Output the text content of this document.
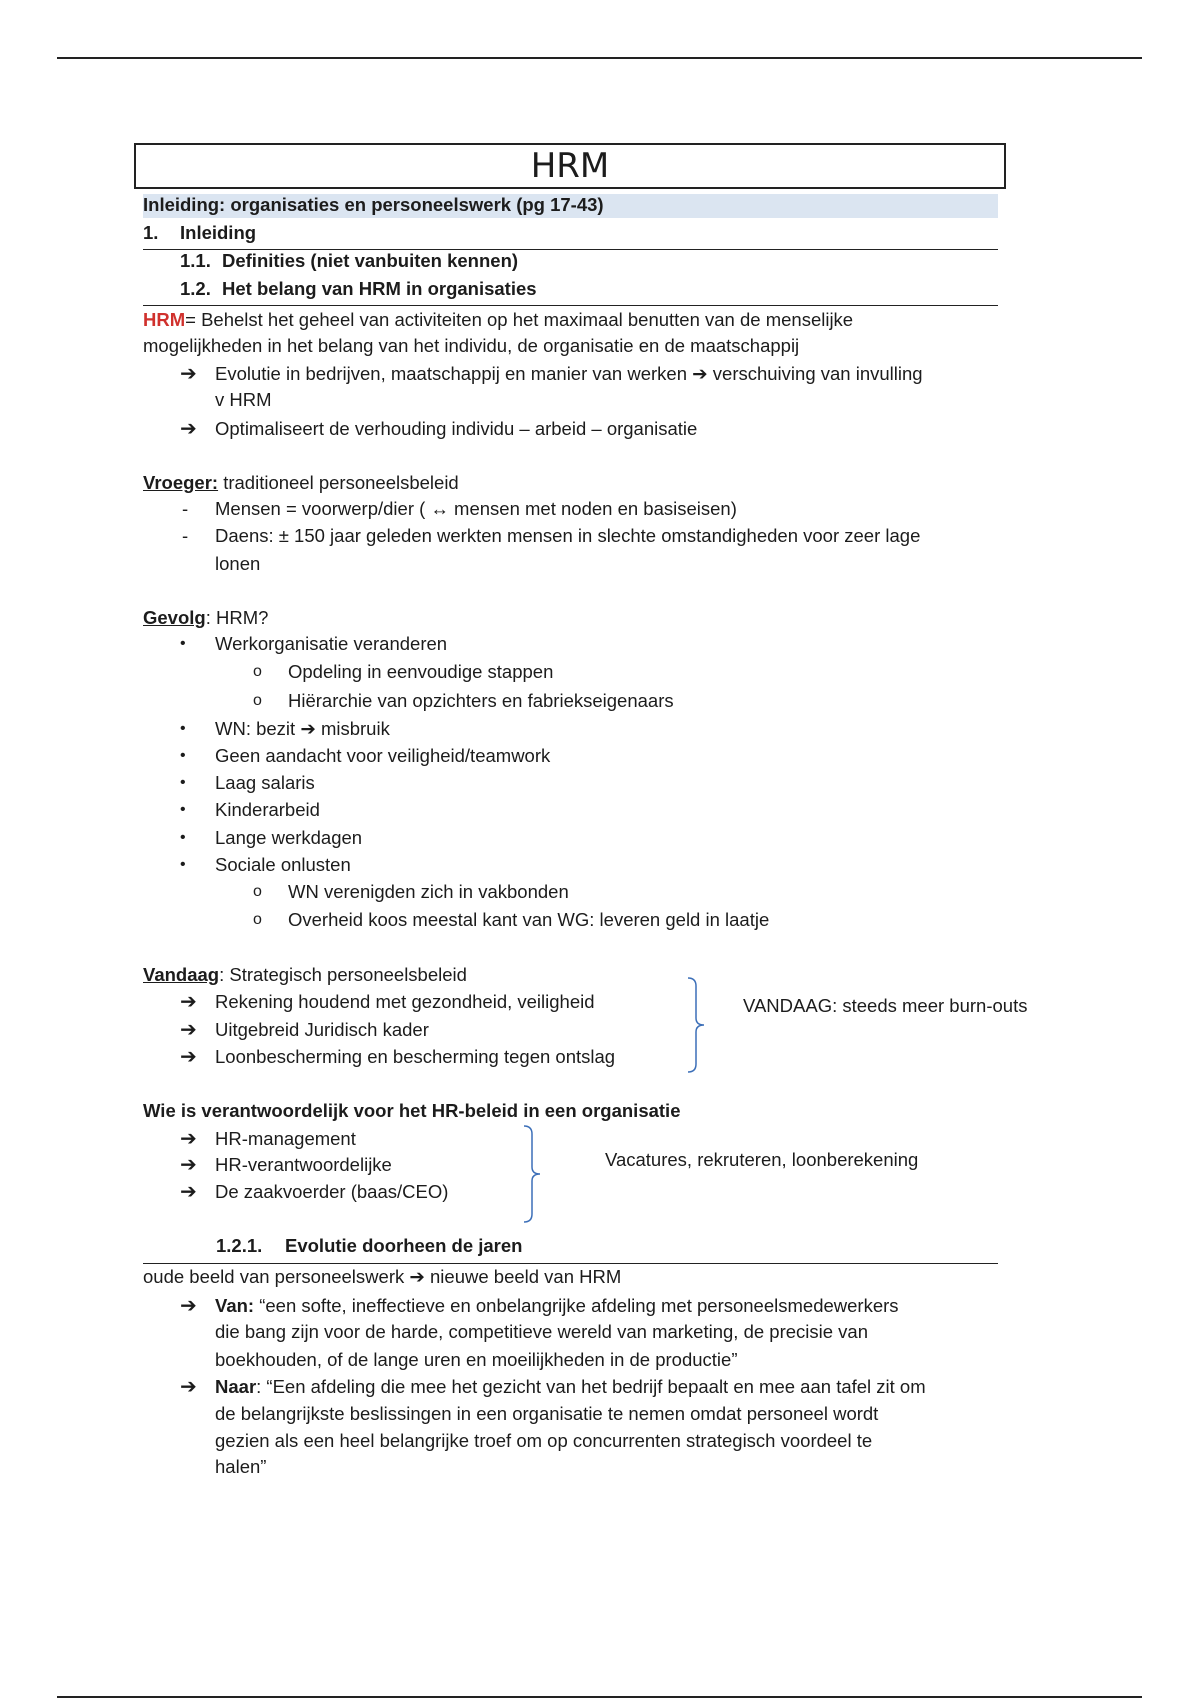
HRM
Inleiding: organisaties en personeelswerk (pg 17-43)
1. Inleiding
1.1. Definities (niet vanbuiten kennen)
1.2. Het belang van HRM in organisaties
HRM= Behelst het geheel van activiteiten op het maximaal benutten van de menselijke
mogelijkheden in het belang van het individu, de organisatie en de maatschappij
➔ Evolutie in bedrijven, maatschappij en manier van werken ➔ verschuiving van invulling
v HRM
➔ Optimaliseert de verhouding individu – arbeid – organisatie
Vroeger: traditioneel personeelsbeleid
- Mensen = voorwerp/dier ( ↔ mensen met noden en basiseisen)
- Daens: ± 150 jaar geleden werkten mensen in slechte omstandigheden voor zeer lage
lonen
Gevolg: HRM?
• Werkorganisatie veranderen
o Opdeling in eenvoudige stappen
o Hiërarchie van opzichters en fabriekseigenaars
• WN: bezit ➔ misbruik
• Geen aandacht voor veiligheid/teamwork
• Laag salaris
• Kinderarbeid
• Lange werkdagen
• Sociale onlusten
o WN verenigden zich in vakbonden
o Overheid koos meestal kant van WG: leveren geld in laatje
Vandaag: Strategisch personeelsbeleid
➔ Rekening houdend met gezondheid, veiligheid
➔ Uitgebreid Juridisch kader
➔ Loonbescherming en bescherming tegen ontslag
VANDAAG: steeds meer burn-outs
Wie is verantwoordelijk voor het HR-beleid in een organisatie
➔ HR-management
➔ HR-verantwoordelijke
➔ De zaakvoerder (baas/CEO)
Vacatures, rekruteren, loonberekening
1.2.1. Evolutie doorheen de jaren
oude beeld van personeelswerk ➔ nieuwe beeld van HRM
➔ Van: “een softe, ineffectieve en onbelangrijke afdeling met personeelsmedewerkers
die bang zijn voor de harde, competitieve wereld van marketing, de precisie van
boekhouden, of de lange uren en moeilijkheden in de productie”
➔ Naar: “Een afdeling die mee het gezicht van het bedrijf bepaalt en mee aan tafel zit om
de belangrijkste beslissingen in een organisatie te nemen omdat personeel wordt
gezien als een heel belangrijke troef om op concurrenten strategisch voordeel te
halen”
